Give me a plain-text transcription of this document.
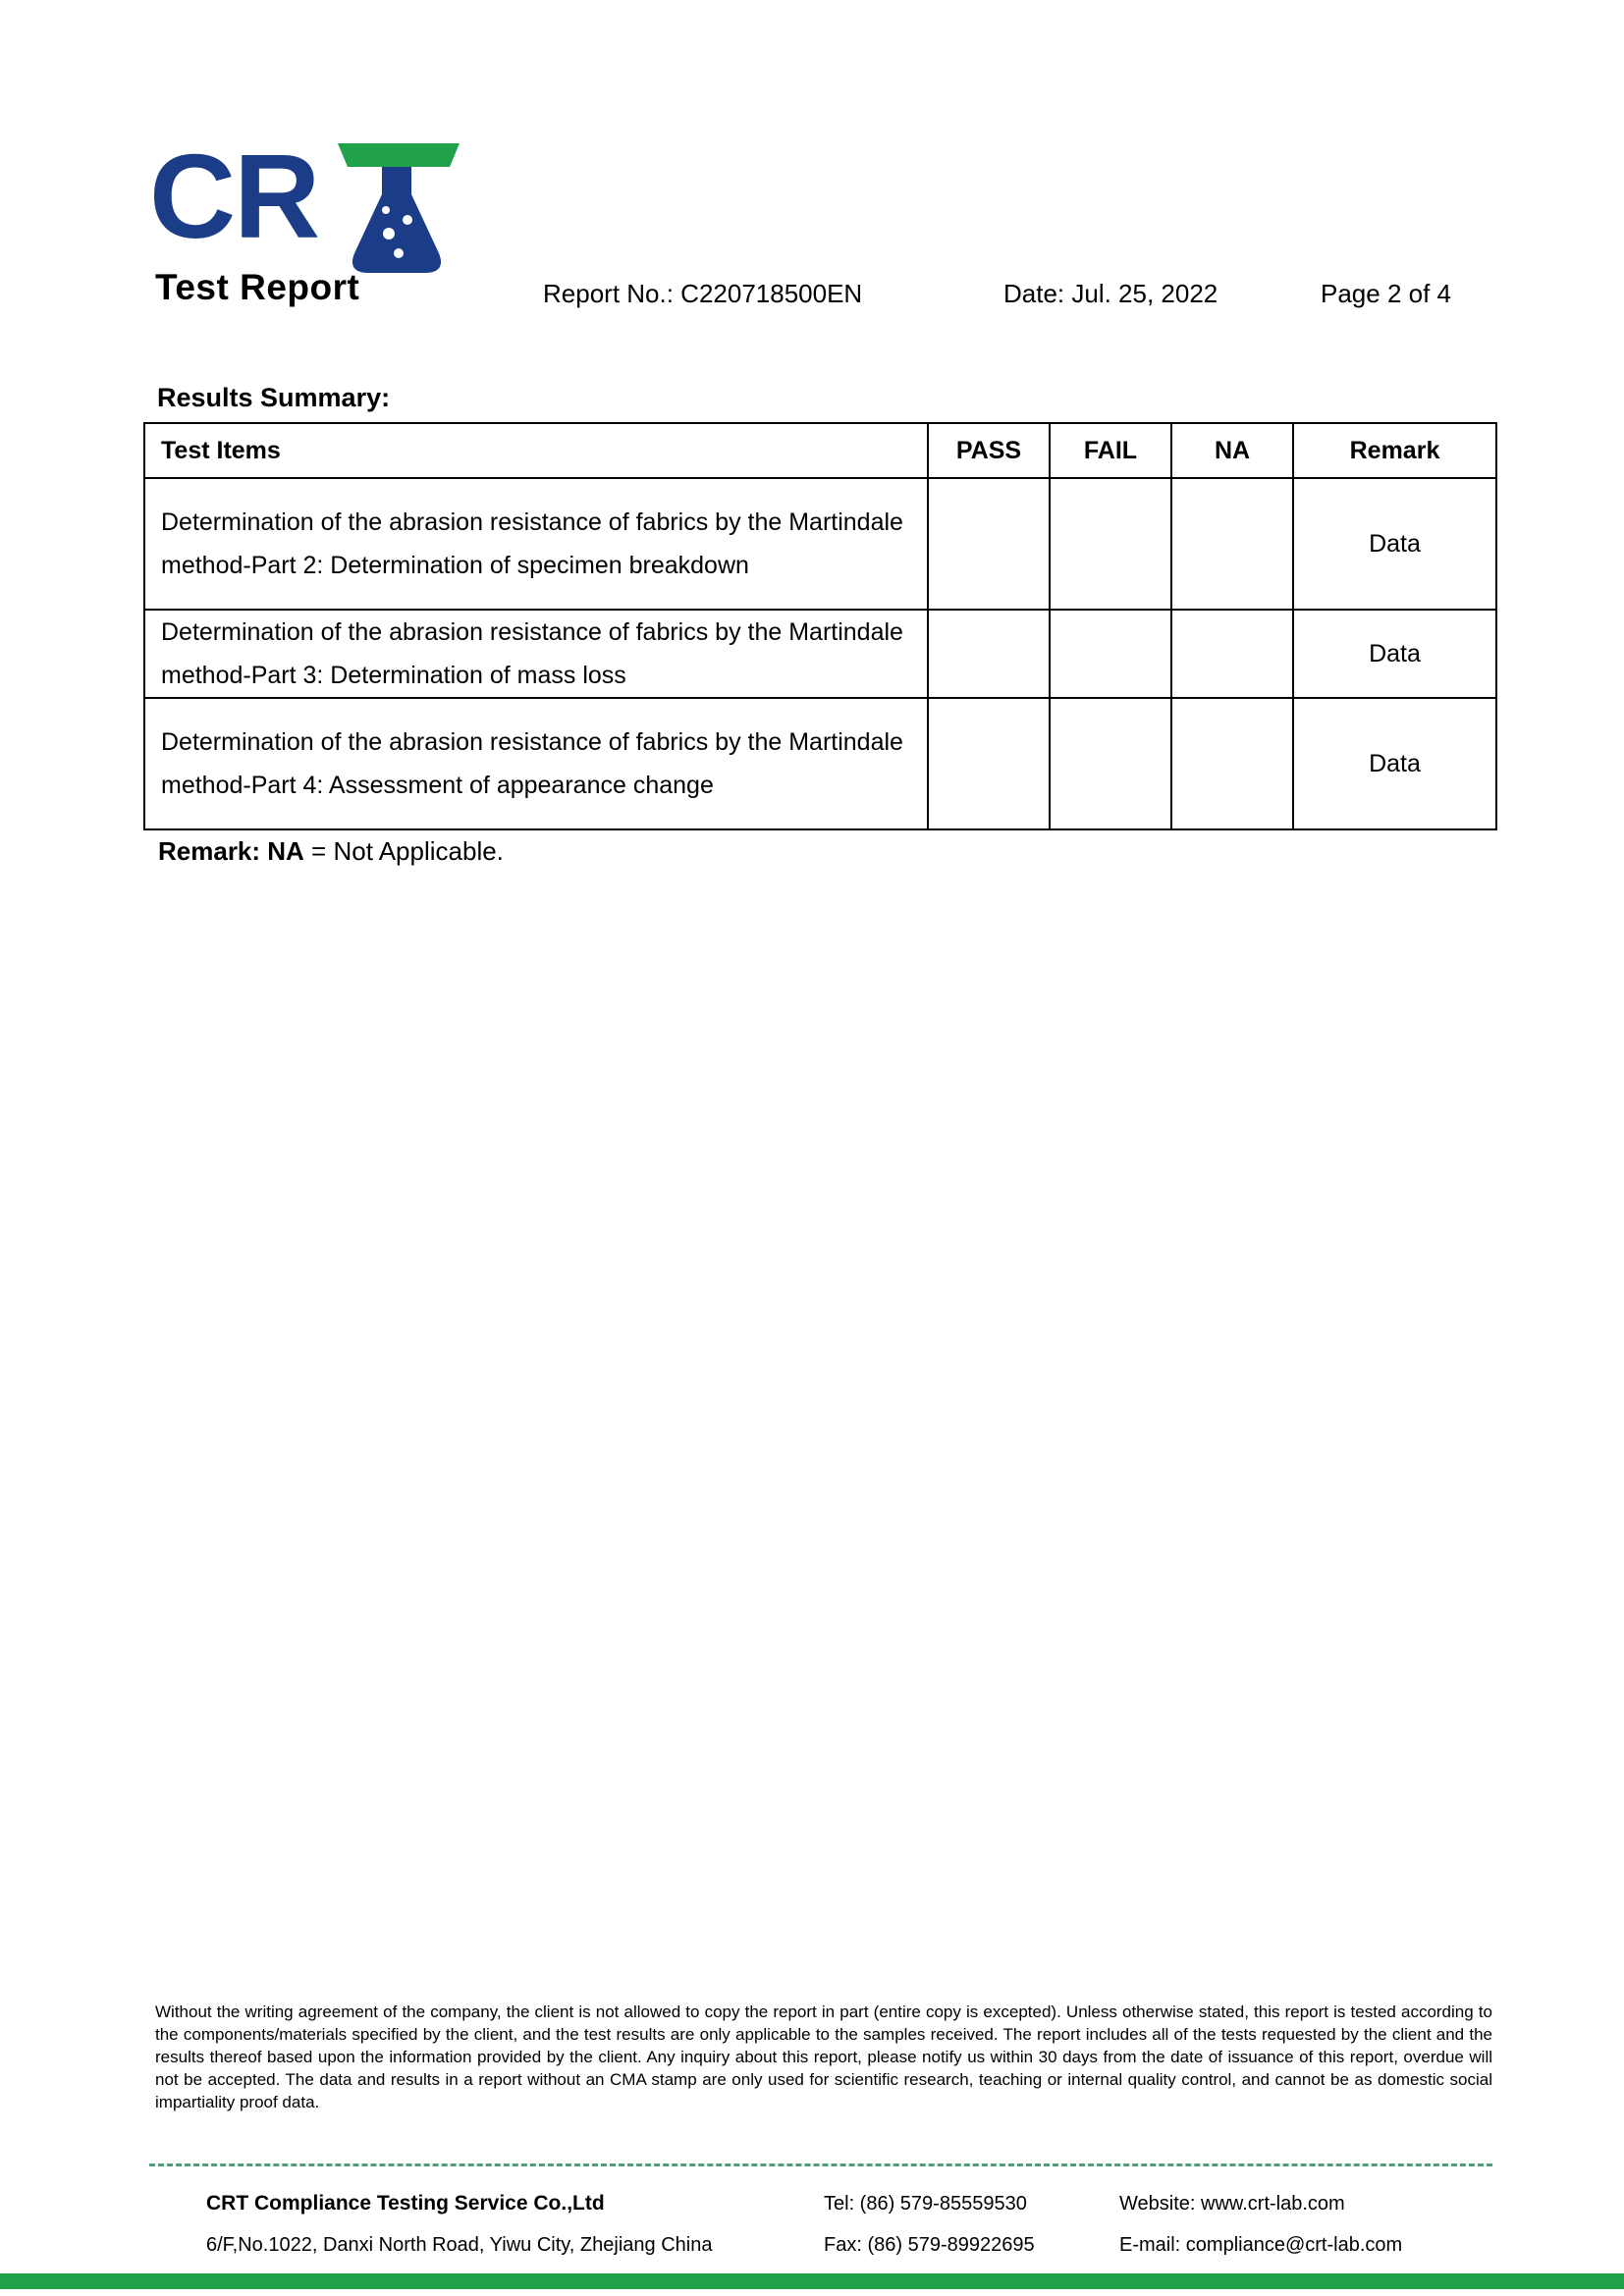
CR
Test Report	Report No.: C220718500EN	Date: Jul. 25, 2022	Page 2 of 4
Results Summary:
Test Items	PASS	FAIL	NA	Remark
Determination of the abrasion resistance of fabrics by the Martindale method-Part 2: Determination of specimen breakdown				Data
Determination of the abrasion resistance of fabrics by the Martindale method-Part 3: Determination of mass loss				Data
Determination of the abrasion resistance of fabrics by the Martindale method-Part 4: Assessment of appearance change				Data
Remark: NA = Not Applicable.
Without the writing agreement of the company, the client is not allowed to copy the report in part (entire copy is excepted). Unless otherwise stated, this report is tested according to the components/materials specified by the client, and the test results are only applicable to the samples received. The report includes all of the tests requested by the client and the results thereof based upon the information provided by the client. Any inquiry about this report, please notify us within 30 days from the date of issuance of this report, overdue will not be accepted. The data and results in a report without an CMA stamp are only used for scientific research, teaching or internal quality control, and cannot be as domestic social impartiality proof data.
CRT Compliance Testing Service Co.,Ltd
6/F,No.1022, Danxi North Road, Yiwu City, Zhejiang China
Tel: (86) 579-85559530
Fax: (86) 579-89922695
Website: www.crt-lab.com
E-mail: compliance@crt-lab.com
